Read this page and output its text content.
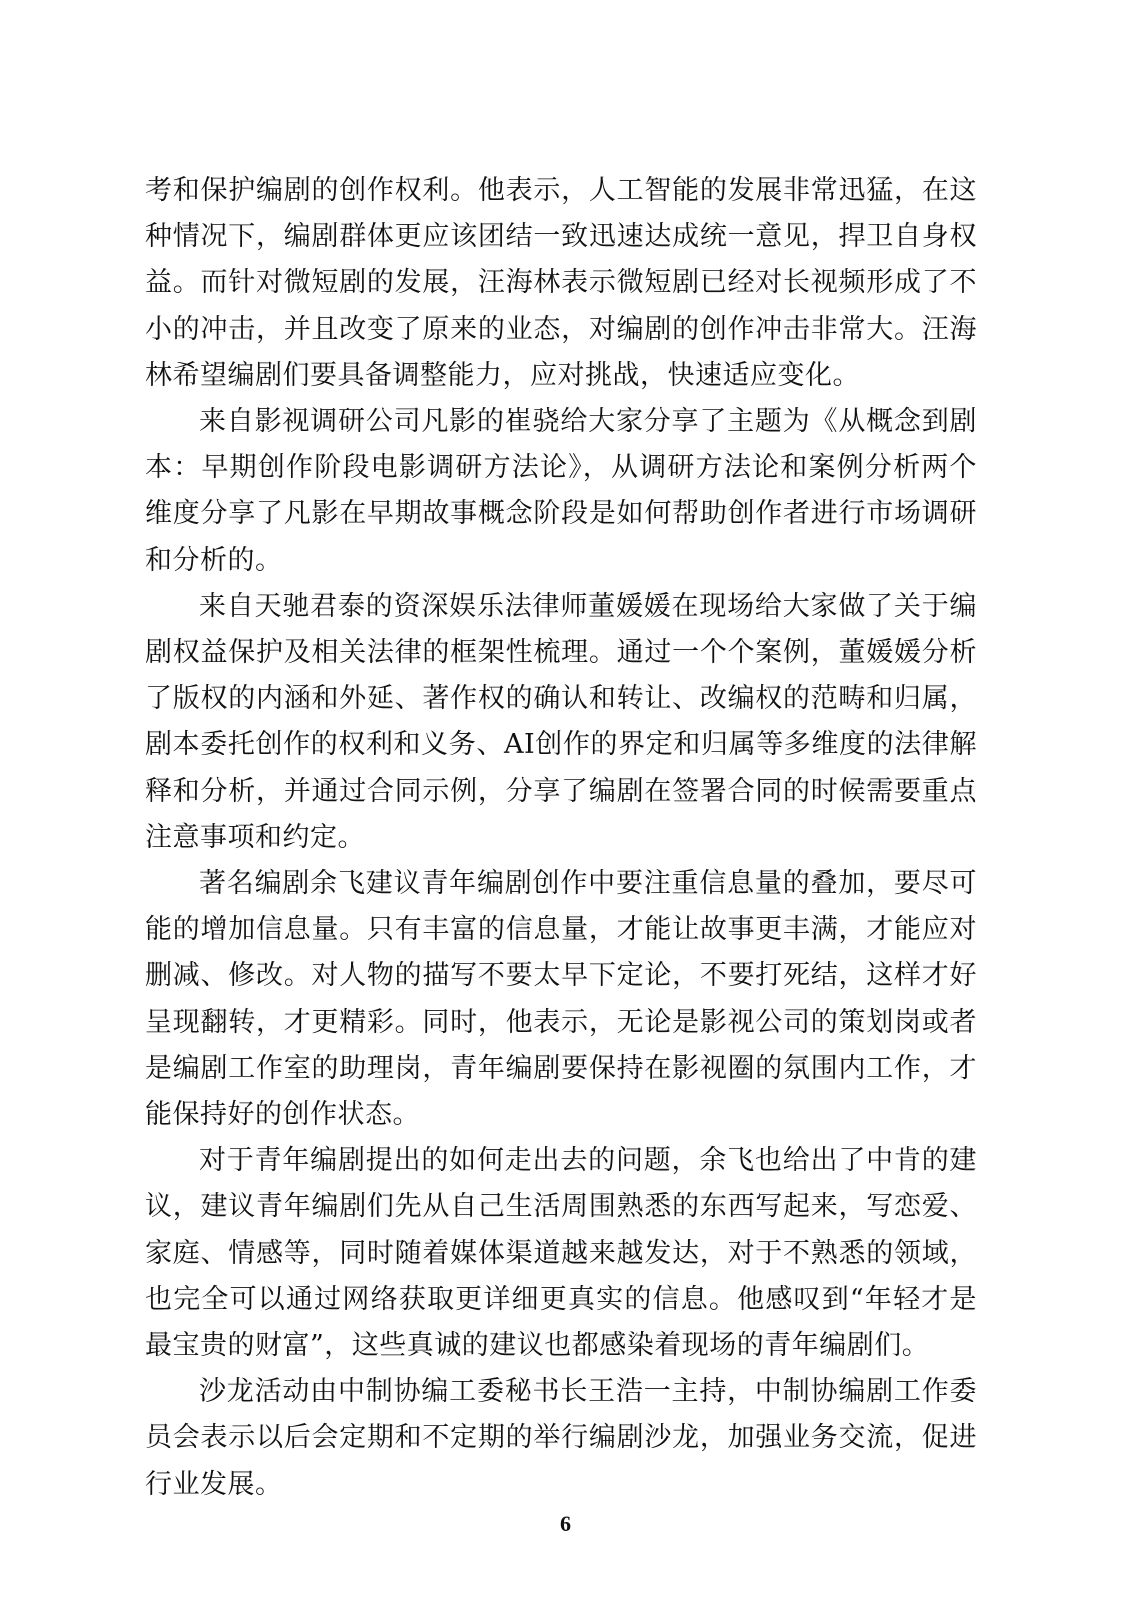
考和保护编剧的创作权利。他表示，人工智能的发展非常迅猛，在这种情况下，编剧群体更应该团结一致迅速达成统一意见，捍卫自身权益。而针对微短剧的发展，汪海林表示微短剧已经对长视频形成了不小的冲击，并且改变了原来的业态，对编剧的创作冲击非常大。汪海林希望编剧们要具备调整能力，应对挑战，快速适应变化。

来自影视调研公司凡影的崔骁给大家分享了主题为《从概念到剧本：早期创作阶段电影调研方法论》，从调研方法论和案例分析两个维度分享了凡影在早期故事概念阶段是如何帮助创作者进行市场调研和分析的。

来自天驰君泰的资深娱乐法律师董媛媛在现场给大家做了关于编剧权益保护及相关法律的框架性梳理。通过一个个案例，董媛媛分析了版权的内涵和外延、著作权的确认和转让、改编权的范畴和归属，剧本委托创作的权利和义务、AI创作的界定和归属等多维度的法律解释和分析，并通过合同示例，分享了编剧在签署合同的时候需要重点注意事项和约定。

著名编剧余飞建议青年编剧创作中要注重信息量的叠加，要尽可能的增加信息量。只有丰富的信息量，才能让故事更丰满，才能应对删减、修改。对人物的描写不要太早下定论，不要打死结，这样才好呈现翻转，才更精彩。同时，他表示，无论是影视公司的策划岗或者是编剧工作室的助理岗，青年编剧要保持在影视圈的氛围内工作，才能保持好的创作状态。

对于青年编剧提出的如何走出去的问题，余飞也给出了中肯的建议，建议青年编剧们先从自己生活周围熟悉的东西写起来，写恋爱、家庭、情感等，同时随着媒体渠道越来越发达，对于不熟悉的领域，也完全可以通过网络获取更详细更真实的信息。他感叹到“年轻才是最宝贵的财富”，这些真诚的建议也都感染着现场的青年编剧们。

沙龙活动由中制协编工委秘书长王浩一主持，中制协编剧工作委员会表示以后会定期和不定期的举行编剧沙龙，加强业务交流，促进行业发展。

6
